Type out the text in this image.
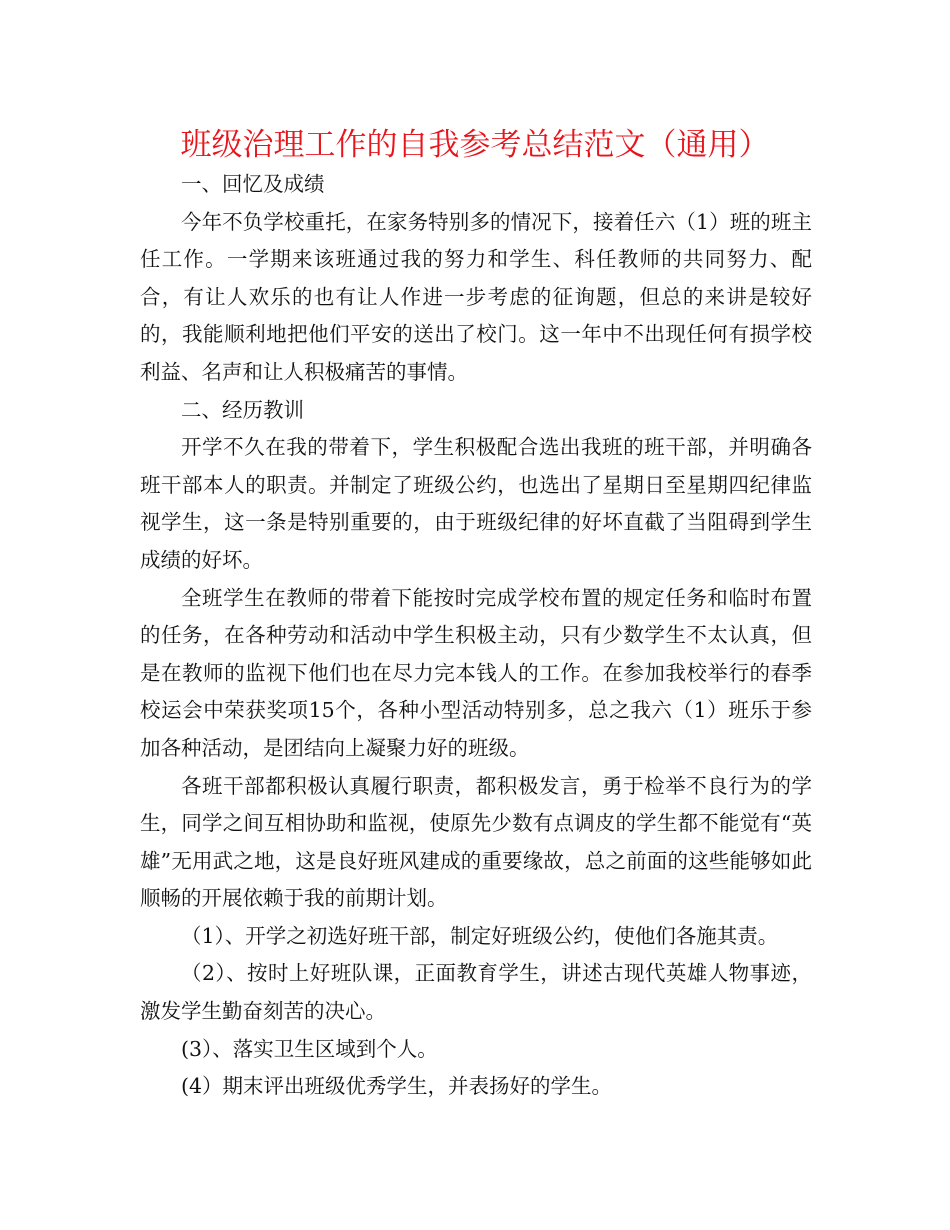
班级治理工作的自我参考总结范文（通用）

一、回忆及成绩

今年不负学校重托，在家务特别多的情况下，接着任六（1）班的班主任工作。一学期来该班通过我的努力和学生、科任教师的共同努力、配合，有让人欢乐的也有让人作进一步考虑的征询题，但总的来讲是较好的，我能顺利地把他们平安的送出了校门。这一年中不出现任何有损学校利益、名声和让人积极痛苦的事情。

二、经历教训

开学不久在我的带着下，学生积极配合选出我班的班干部，并明确各班干部本人的职责。并制定了班级公约，也选出了星期日至星期四纪律监视学生，这一条是特别重要的，由于班级纪律的好坏直截了当阻碍到学生成绩的好坏。

全班学生在教师的带着下能按时完成学校布置的规定任务和临时布置的任务，在各种劳动和活动中学生积极主动，只有少数学生不太认真，但是在教师的监视下他们也在尽力完本钱人的工作。在参加我校举行的春季校运会中荣获奖项15个，各种小型活动特别多，总之我六（1）班乐于参加各种活动，是团结向上凝聚力好的班级。

各班干部都积极认真履行职责，都积极发言，勇于检举不良行为的学生，同学之间互相协助和监视，使原先少数有点调皮的学生都不能觉有“英雄”无用武之地，这是良好班风建成的重要缘故，总之前面的这些能够如此顺畅的开展依赖于我的前期计划。

（1）、开学之初选好班干部，制定好班级公约，使他们各施其责。

（2）、按时上好班队课，正面教育学生，讲述古现代英雄人物事迹，激发学生勤奋刻苦的决心。

(3）、落实卫生区域到个人。

(4）期末评出班级优秀学生，并表扬好的学生。
